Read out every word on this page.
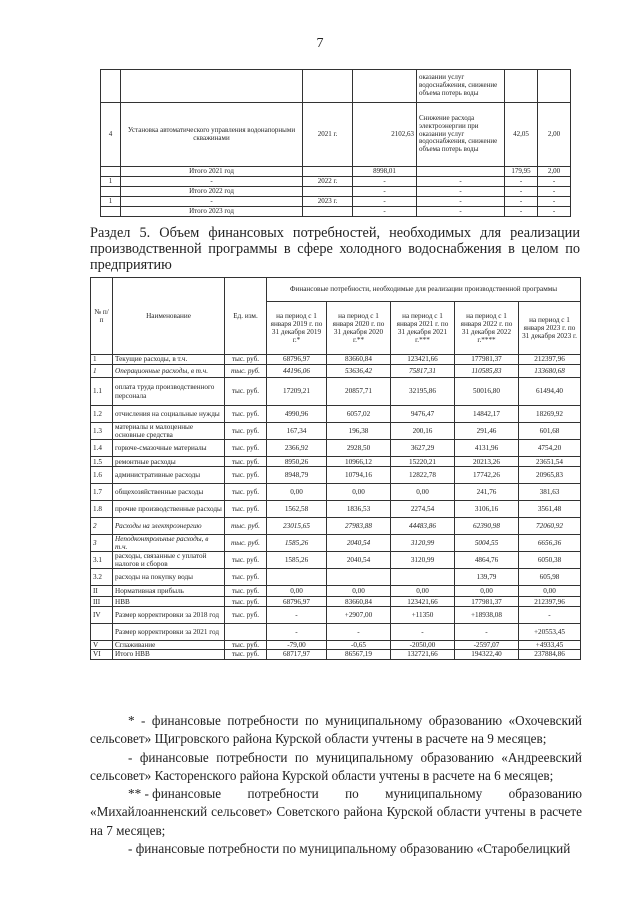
7
				оказании услуг водоснабжения, снижение объема потерь воды		
4	Установка автоматического управления водонапорными скважинами	2021 г.	2102,63	Снижение расхода электроэнергии при оказании услуг водоснабжения, снижение объема потерь воды	42,05	2,00
	Итого 2021 год		8998,01		179,95	2,00
1	-	2022 г.	-	-	-	-
	Итого 2022 год		-	-	-	-
1	-	2023 г.	-	-	-	-
	Итого 2023 год		-	-	-	-
Раздел 5. Объем финансовых потребностей, необходимых для реализации производственной программы в сфере холодного водоснабжения в целом по предприятию
№ п/п	Наименование	Ед. изм.	Финансовые потребности, необходимые для реализации производственной программы				
			на период с 1 января 2019 г. по 31 декабря 2019 г.*	на период с 1 января 2020 г. по 31 декабря 2020 г.**	на период с 1 января 2021 г. по 31 декабря 2021 г.***	на период с 1 января 2022 г. по 31 декабря 2022 г.****	на период с 1 января 2023 г. по 31 декабря 2023 г.
1	Текущие расходы, в т.ч.	тыс. руб.	68796,97	83660,84	123421,66	177981,37	212397,96
1	Операционные расходы, в т.ч.	тыс. руб.	44196,06	53636,42	75817,31	110585,83	133680,68
1.1	оплата труда производственного персонала	тыс. руб.	17209,21	20857,71	32195,86	50016,80	61494,40
1.2	отчисления на социальные нужды	тыс. руб.	4990,96	6057,02	9476,47	14842,17	18269,92
1.3	материалы и малоценные основные средства	тыс. руб.	167,34	196,38	200,16	291,46	601,68
1.4	горюче-смазочные материалы	тыс. руб.	2366,92	2928,50	3627,29	4131,96	4754,20
1.5	ремонтные расходы	тыс. руб.	8950,26	10966,12	15220,21	20213,26	23651,54
1.6	административные расходы	тыс. руб.	8948,79	10794,16	12822,78	17742,26	20965,83
1.7	общехозяйственные расходы	тыс. руб.	0,00	0,00	0,00	241,76	381,63
1.8	прочие производственные расходы	тыс. руб.	1562,58	1836,53	2274,54	3106,16	3561,48
2	Расходы на электроэнергию	тыс. руб.	23015,65	27983,88	44483,86	62390,98	72060,92
3	Неподконтрольные расходы, в т.ч.	тыс. руб.	1585,26	2040,54	3120,99	5004,55	6656,36
3.1	расходы, связанные с уплатой налогов и сборов	тыс. руб.	1585,26	2040,54	3120,99	4864,76	6050,38
3.2	расходы на покупку воды	тыс. руб.				139,79	605,98
II	Нормативная прибыль	тыс. руб.	0,00	0,00	0,00	0,00	0,00
III	НВВ	тыс. руб.	68796,97	83660,84	123421,66	177981,37	212397,96
IV	Размер корректировки за 2018 год	тыс. руб.	-	+2907,00	+11350	+18938,08	-
	Размер корректировки за 2021 год		-	-	-	-	+20553,45
V	Сглаживание	тыс. руб.	-79,00	-0,65	-2050,00	-2597,07	+4933,45
VI	Итого НВВ	тыс. руб.	68717,97	86567,19	132721,66	194322,40	237884,86

* - финансовые потребности по муниципальному образованию «Охочевский сельсовет» Щигровского района Курской области учтены в расчете на 9 месяцев;

- финансовые потребности по муниципальному образованию «Андреевский сельсовет» Касторенского района Курской области учтены в расчете на 6 месяцев;

** - финансовые потребности по муниципальному образованию

«Михайлоанненский сельсовет» Советского района Курской области учтены в расчете на 7 месяцев;

- финансовые потребности по муниципальному образованию «Старобелицкий
